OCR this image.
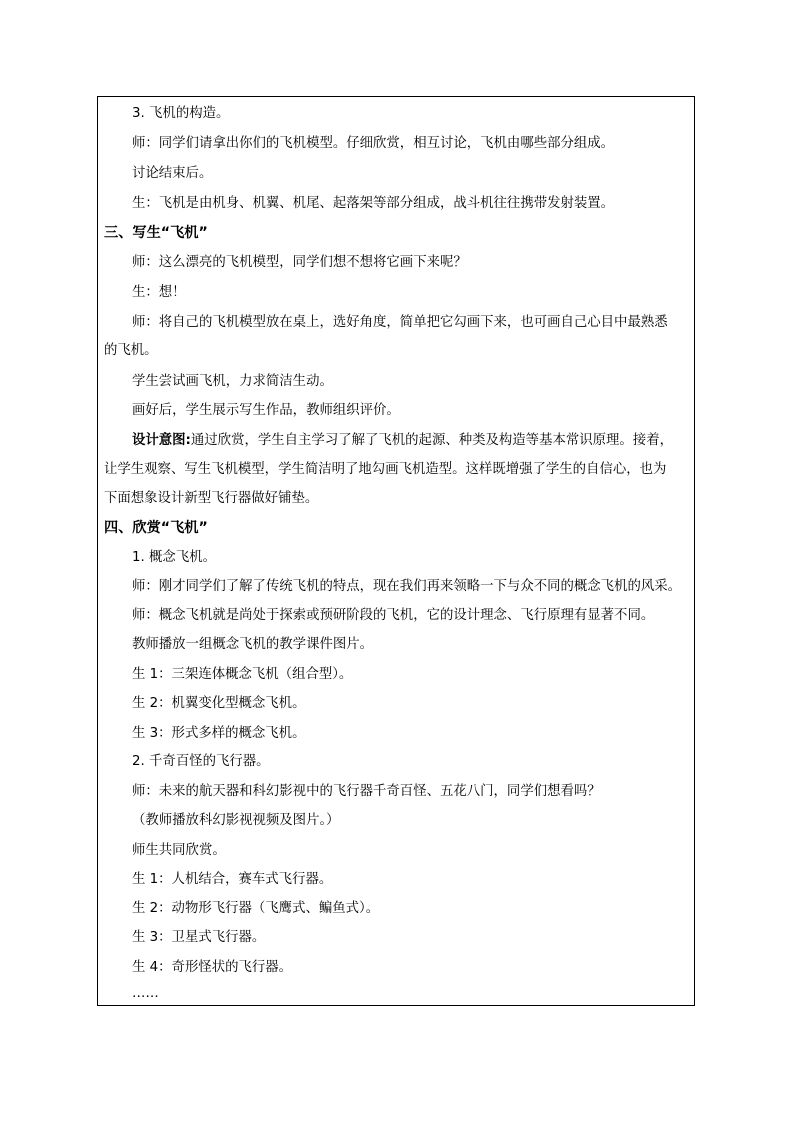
3. 飞机的构造。
师：同学们请拿出你们的飞机模型。仔细欣赏，相互讨论，飞机由哪些部分组成。
讨论结束后。
生：飞机是由机身、机翼、机尾、起落架等部分组成，战斗机往往携带发射装置。
三、写生“飞机”
师：这么漂亮的飞机模型，同学们想不想将它画下来呢？
生：想！
师：将自己的飞机模型放在桌上，选好角度，简单把它勾画下来，也可画自己心目中最熟悉
的飞机。
学生尝试画飞机，力求简洁生动。
画好后，学生展示写生作品，教师组织评价。
设计意图:通过欣赏，学生自主学习了解了飞机的起源、种类及构造等基本常识原理。接着，
让学生观察、写生飞机模型，学生简洁明了地勾画飞机造型。这样既增强了学生的自信心，也为
下面想象设计新型飞行器做好铺垫。
四、欣赏“飞机”
1. 概念飞机。
师：刚才同学们了解了传统飞机的特点，现在我们再来领略一下与众不同的概念飞机的风采。
师：概念飞机就是尚处于探索或预研阶段的飞机，它的设计理念、飞行原理有显著不同。
教师播放一组概念飞机的教学课件图片。
生 1：三架连体概念飞机（组合型）。
生 2：机翼变化型概念飞机。
生 3：形式多样的概念飞机。
2. 千奇百怪的飞行器。
师：未来的航天器和科幻影视中的飞行器千奇百怪、五花八门，同学们想看吗？
（教师播放科幻影视视频及图片。）
师生共同欣赏。
生 1：人机结合，赛车式飞行器。
生 2：动物形飞行器（飞鹰式、鳊鱼式）。
生 3：卫星式飞行器。
生 4：奇形怪状的飞行器。
……
